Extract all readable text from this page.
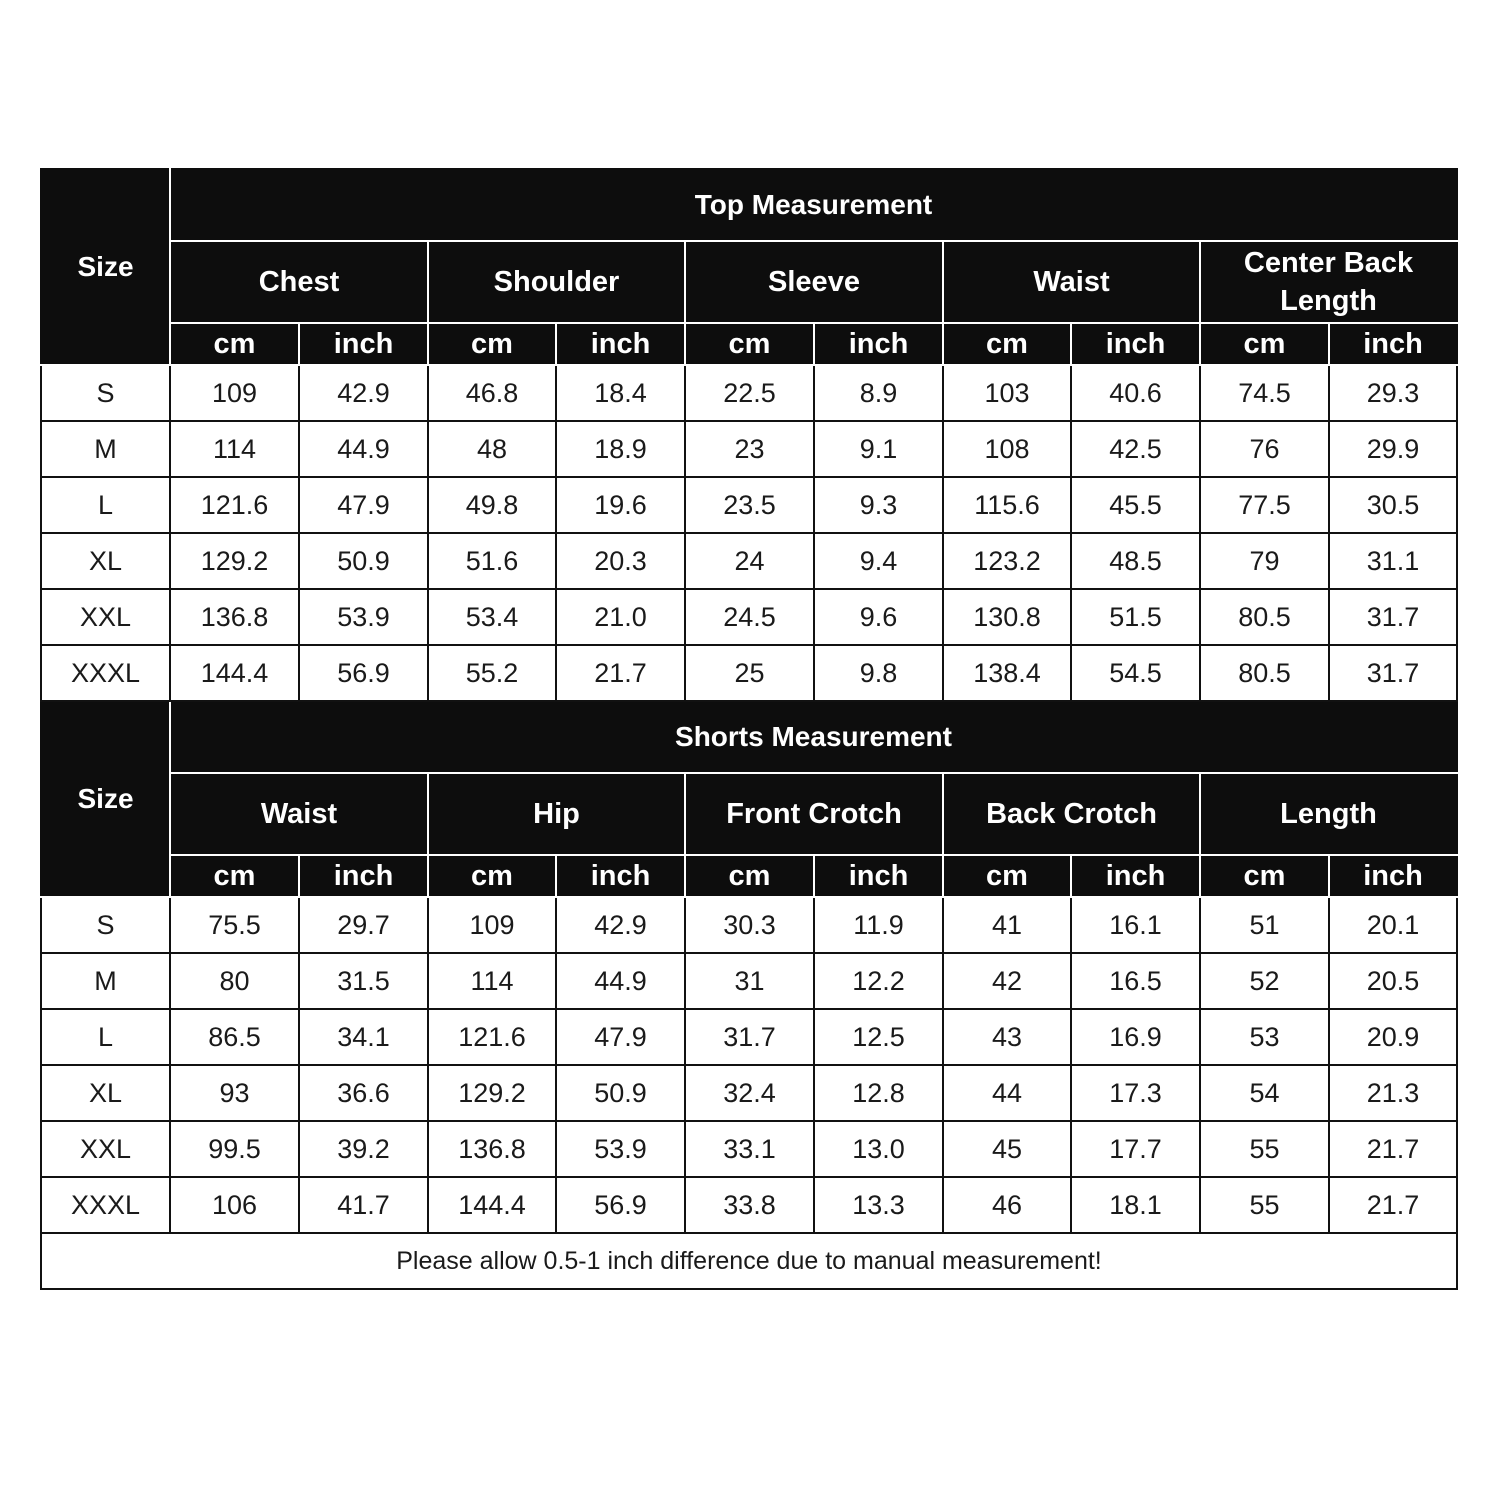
Size	Top Measurement									
	Chest		Shoulder		Sleeve		Waist		Center Back Length	
	cm	inch	cm	inch	cm	inch	cm	inch	cm	inch
S	109	42.9	46.8	18.4	22.5	8.9	103	40.6	74.5	29.3
M	114	44.9	48	18.9	23	9.1	108	42.5	76	29.9
L	121.6	47.9	49.8	19.6	23.5	9.3	115.6	45.5	77.5	30.5
XL	129.2	50.9	51.6	20.3	24	9.4	123.2	48.5	79	31.1
XXL	136.8	53.9	53.4	21.0	24.5	9.6	130.8	51.5	80.5	31.7
XXXL	144.4	56.9	55.2	21.7	25	9.8	138.4	54.5	80.5	31.7
Size	Shorts Measurement									
	Waist		Hip		Front Crotch		Back Crotch		Length	
	cm	inch	cm	inch	cm	inch	cm	inch	cm	inch
S	75.5	29.7	109	42.9	30.3	11.9	41	16.1	51	20.1
M	80	31.5	114	44.9	31	12.2	42	16.5	52	20.5
L	86.5	34.1	121.6	47.9	31.7	12.5	43	16.9	53	20.9
XL	93	36.6	129.2	50.9	32.4	12.8	44	17.3	54	21.3
XXL	99.5	39.2	136.8	53.9	33.1	13.0	45	17.7	55	21.7
XXXL	106	41.7	144.4	56.9	33.8	13.3	46	18.1	55	21.7
Please allow 0.5-1 inch difference due to manual measurement!										
